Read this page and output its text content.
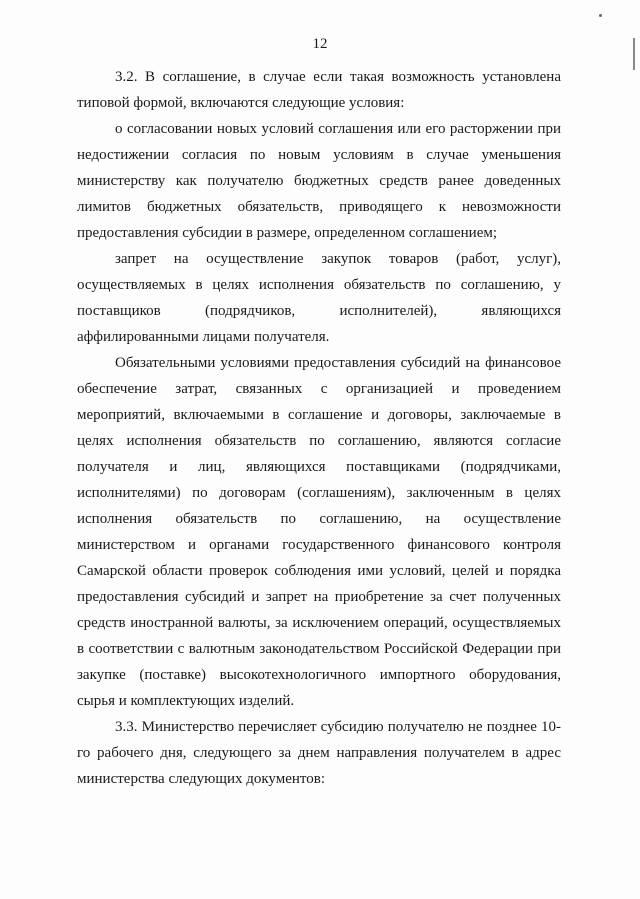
12

3.2. В соглашение, в случае если такая возможность установлена типовой формой, включаются следующие условия:

о согласовании новых условий соглашения или его расторжении при недостижении согласия по новым условиям в случае уменьшения министерству как получателю бюджетных средств ранее доведенных лимитов бюджетных обязательств, приводящего к невозможности предоставления субсидии в размере, определенном соглашением;

запрет на осуществление закупок товаров (работ, услуг), осуществляемых в целях исполнения обязательств по соглашению, у поставщиков (подрядчиков, исполнителей), являющихся аффилированными лицами получателя.

Обязательными условиями предоставления субсидий на финансовое обеспечение затрат, связанных с организацией и проведением мероприятий, включаемыми в соглашение и договоры, заключаемые в целях исполнения обязательств по соглашению, являются согласие получателя и лиц, являющихся поставщиками (подрядчиками, исполнителями) по договорам (соглашениям), заключенным в целях исполнения обязательств по соглашению, на осуществление министерством и органами государственного финансового контроля Самарской области проверок соблюдения ими условий, целей и порядка предоставления субсидий и запрет на приобретение за счет полученных средств иностранной валюты, за исключением операций, осуществляемых в соответствии с валютным законодательством Российской Федерации при закупке (поставке) высокотехнологичного импортного оборудования, сырья и комплектующих изделий.

3.3. Министерство перечисляет субсидию получателю не позднее 10-го рабочего дня, следующего за днем направления получателем в адрес министерства следующих документов:
